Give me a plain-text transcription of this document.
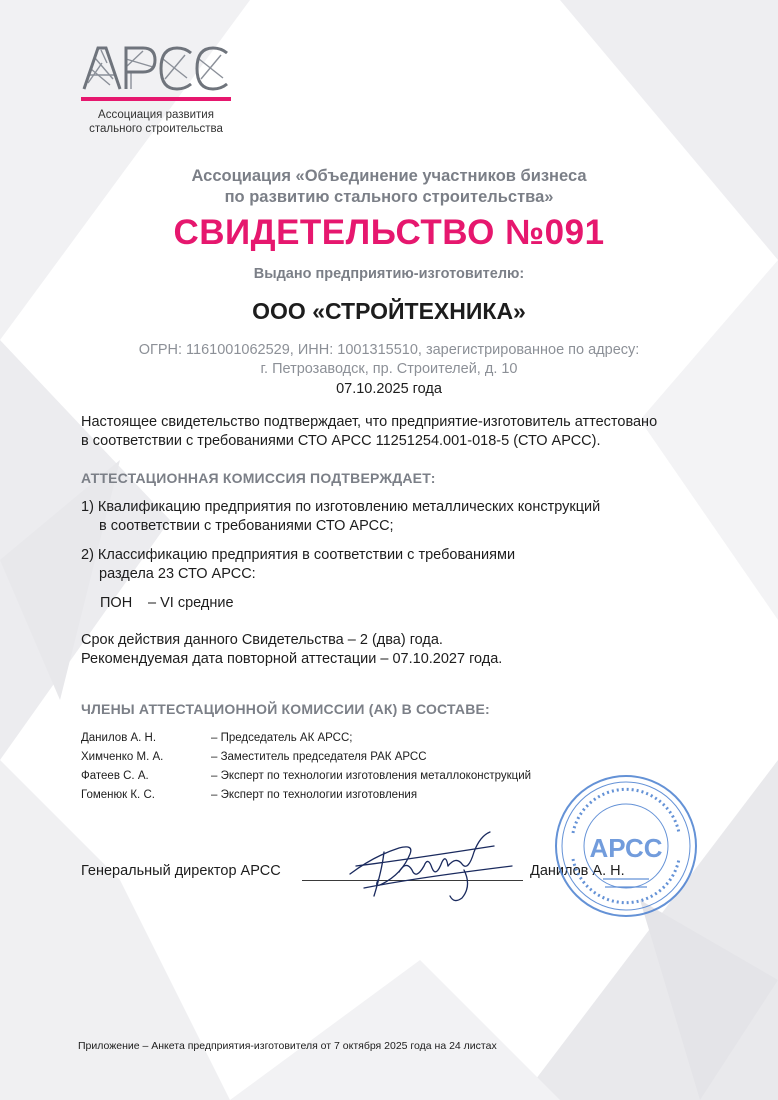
Ассоциация развития
стального строительства
Ассоциация «Объединение участников бизнеса
по развитию стального строительства»
СВИДЕТЕЛЬСТВО №091
Выдано предприятию-изготовителю:
ООО «СТРОЙТЕХНИКА»
ОГРН: 1161001062529, ИНН: 1001315510, зарегистрированное по адресу:
г. Петрозаводск, пр. Строителей, д. 10
07.10.2025 года
Настоящее свидетельство подтверждает, что предприятие-изготовитель аттестовано
в соответствии с требованиями СТО АРСС 11251254.001-018-5 (СТО АРСС).
АТТЕСТАЦИОННАЯ КОМИССИЯ ПОДТВЕРЖДАЕТ:
1) Квалификацию предприятия по изготовлению металлических конструкций
в соответствии с требованиями СТО АРСС;
2) Классификацию предприятия в соответствии с требованиями
раздела 23 СТО АРСС:
ПОН – VI средние
Срок действия данного Свидетельства – 2 (два) года.
Рекомендуемая дата повторной аттестации – 07.10.2027 года.
ЧЛЕНЫ АТТЕСТАЦИОННОЙ КОМИССИИ (АК) В СОСТАВЕ:
Данилов А. Н.	– Председатель АК АРСС;
Химченко М. А.	– Заместитель председателя РАК АРСС
Фатеев С. А.	– Эксперт по технологии изготовления металлоконструкций
Гоменюк К. С.	– Эксперт по технологии изготовления
Генеральный директор АРСС	Данилов А. Н.
АРСС
Приложение – Анкета предприятия-изготовителя от 7 октября 2025 года на 24 листах
